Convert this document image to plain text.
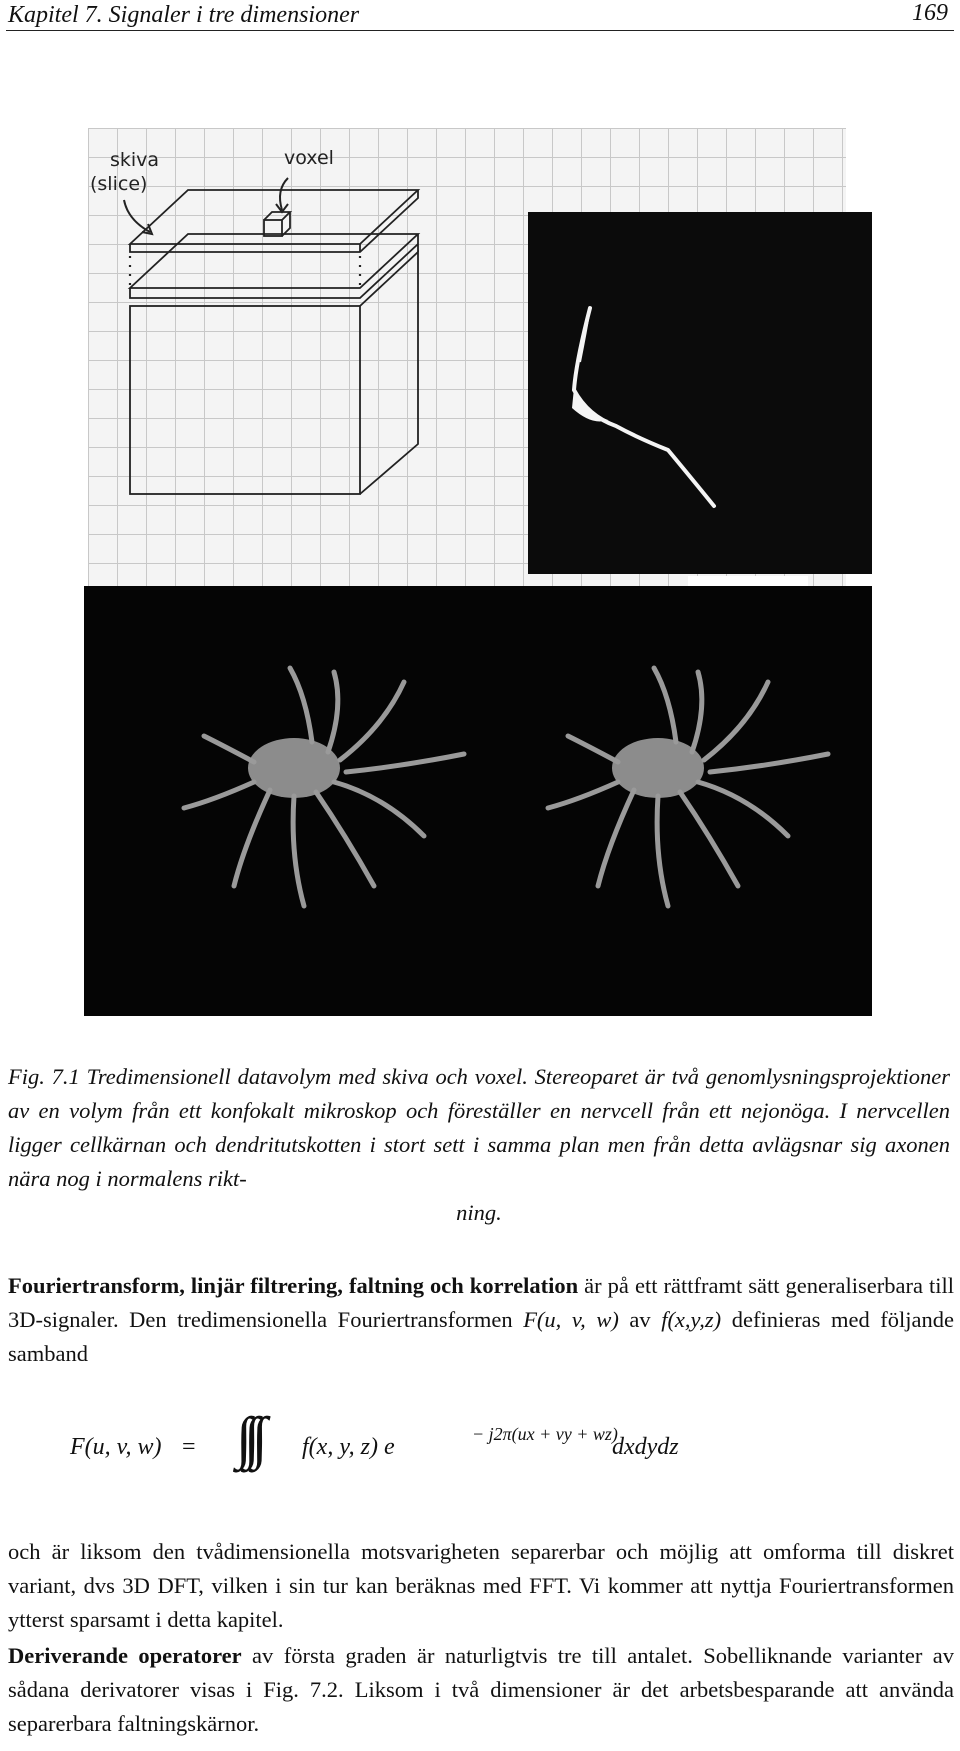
Kapitel 7. Signaler i tre dimensioner	169
skiva
(slice)
voxel
Fig. 7.1 Tredimensionell datavolym med skiva och voxel. Stereoparet är två genomlysningsprojektioner av en volym från ett konfokalt mikroskop och föreställer en nervcell från ett nejonöga. I nervcellen ligger cellkärnan och dendritutskotten i stort sett i samma plan men från detta avlägsnar sig axonen nära nog i normalens rikt-
ning.
Fouriertransform, linjär filtrering, faltning och korrelation är på ett rättframt sätt generaliserbara till 3D-signaler. Den tredimensionella Fouriertransformen F(u, v, w) av f(x,y,z) definieras med följande samband
F(u, v, w) = ∫∫∫ f(x, y, z) e	− j2π(ux + vy + wz)
dxdydz
och är liksom den tvådimensionella motsvarigheten separerbar och möjlig att omforma till diskret variant, dvs 3D DFT, vilken i sin tur kan beräknas med FFT. Vi kommer att nyttja Fouriertransformen ytterst sparsamt i detta kapitel.
Deriverande operatorer av första graden är naturligtvis tre till antalet. Sobelliknande varianter av sådana derivatorer visas i Fig. 7.2. Liksom i två dimensioner är det arbetsbesparande att använda separerbara faltningskärnor.
